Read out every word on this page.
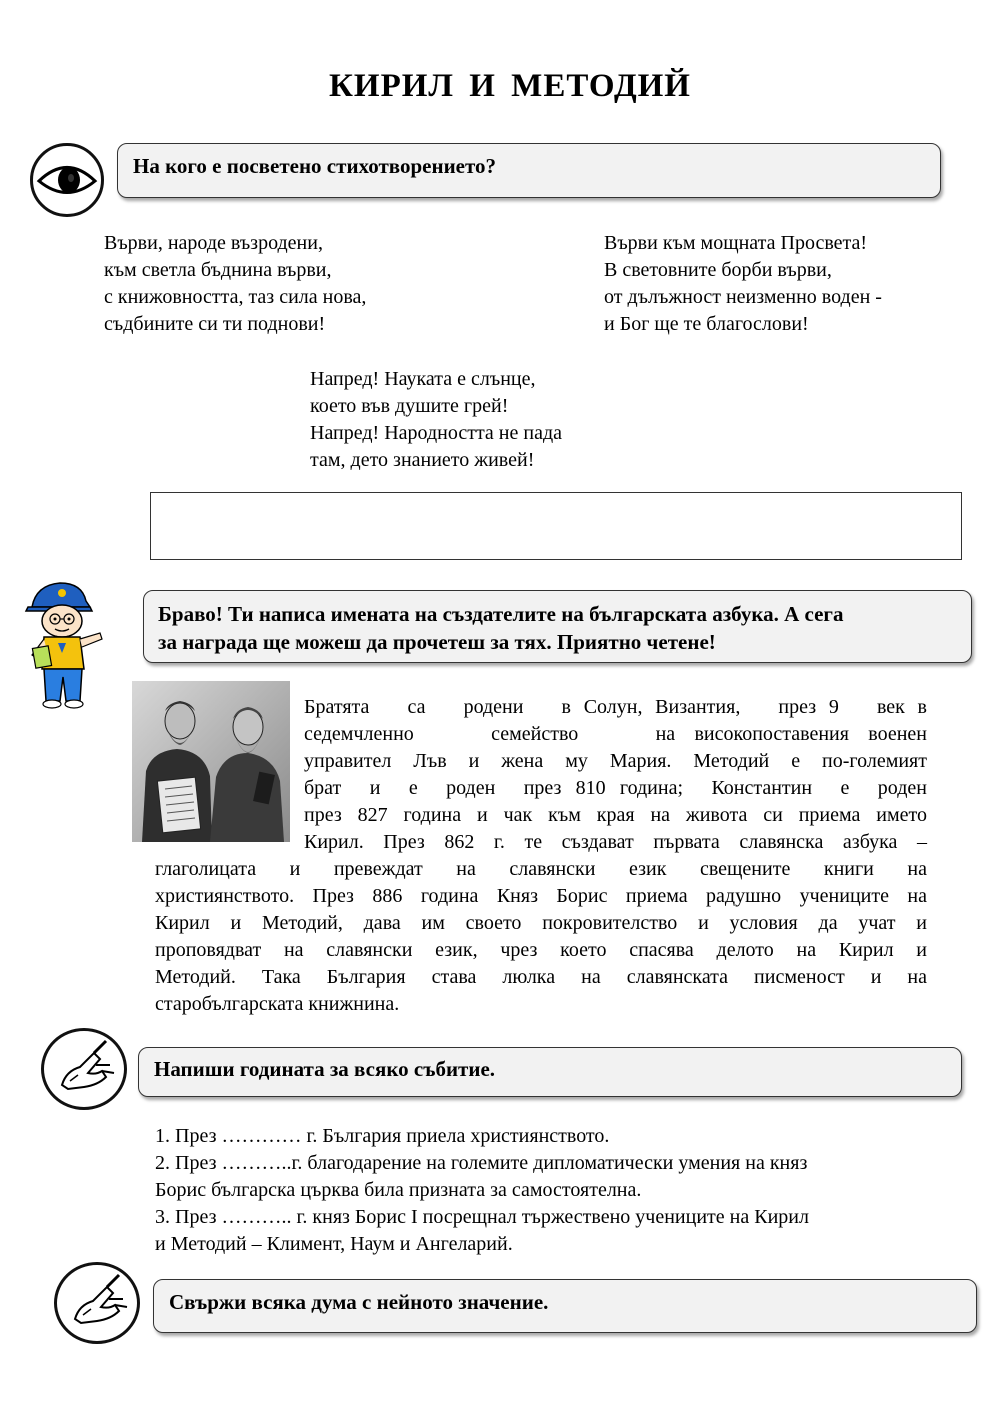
КИРИЛ И МЕТОДИЙ
На кого е посветено стихотворението?
Върви, народе възродени,
към светла бъднина върви,
с книжовността, таз сила нова,
съдбините си ти поднови!
Върви към мощната Просвета!
В световните борби върви,
от дълъжност неизменно воден -
и Бог ще те благослови!
Напред! Науката е слънце,
което във душите грей!
Напред! Народността не пада
там, дето знанието живей!
Браво! Ти написа имената на създателите на българската азбука. А сега
за награда ще можеш да прочетеш за тях. Приятно четене!
Братята   са   родени   в Солун, Византия,   през 9   век в
седемчленно    семейство    на високопоставения военен
управител Лъв и жена му Мария. Методий е по-големият
брат  и  е  роден  през 810 година;  Константин  е  роден
през 827 година и чак към края на живота си приема името
Кирил. През 862 г. те създават първата славянска азбука –
глаголицата   и   превеждат   на   славянски   език   свещените   книги   на
християнството. През 886 година Княз Борис приема радушно учениците на
Кирил и Методий, дава им своето покровителство и условия да учат и
проповядват на славянски език, чрез което спасява делото на Кирил и
Методий. Така България става люлка на славянската писменост и на
старобългарската книжнина.
Напиши годината за всяко събитие.
1. През ………… г. България приела християнството.
2. През ………..г. благодарение на големите дипломатически умения на княз
Борис българска църква била призната за самостоятелна.
3. През ……….. г. княз Борис I посрещнал тържествено учениците на Кирил
и Методий – Климент, Наум и Ангеларий.
Свържи всяка дума с нейното значение.
